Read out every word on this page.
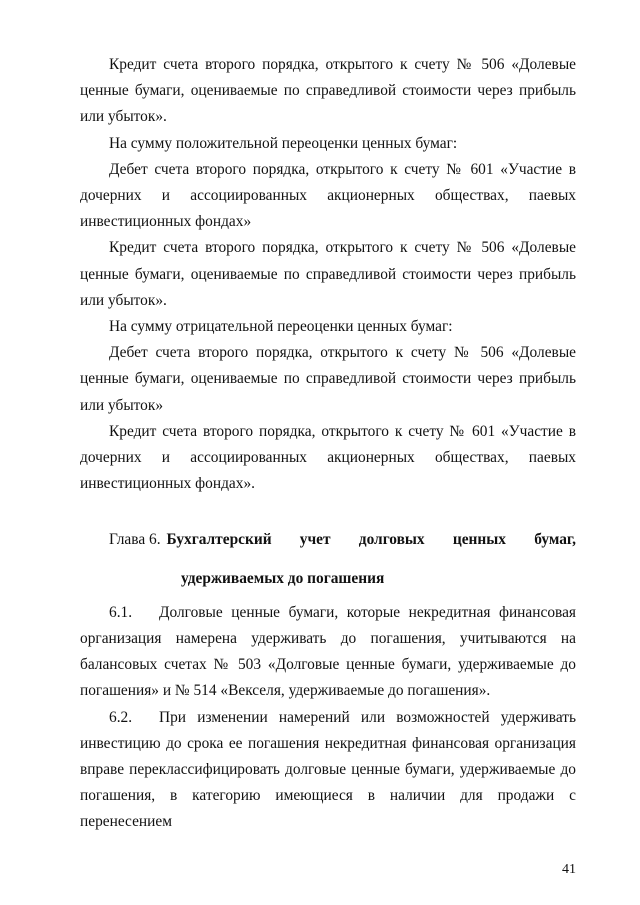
Кредит счета второго порядка, открытого к счету № 506 «Долевые ценные бумаги, оцениваемые по справедливой стоимости через прибыль или убыток».

На сумму положительной переоценки ценных бумаг:

Дебет счета второго порядка, открытого к счету № 601 «Участие в дочерних и ассоциированных акционерных обществах, паевых инвестиционных фондах»

Кредит счета второго порядка, открытого к счету № 506 «Долевые ценные бумаги, оцениваемые по справедливой стоимости через прибыль или убыток».

На сумму отрицательной переоценки ценных бумаг:

Дебет счета второго порядка, открытого к счету № 506 «Долевые ценные бумаги, оцениваемые по справедливой стоимости через прибыль или убыток»

Кредит счета второго порядка, открытого к счету № 601 «Участие в дочерних и ассоциированных акционерных обществах, паевых инвестиционных фондах».

Глава 6. Бухгалтерский учет долговых ценных бумаг,
удерживаемых до погашения

6.1. Долговые ценные бумаги, которые некредитная финансовая организация намерена удерживать до погашения, учитываются на балансовых счетах № 503 «Долговые ценные бумаги, удерживаемые до погашения» и № 514 «Векселя, удерживаемые до погашения».

6.2. При изменении намерений или возможностей удерживать инвестицию до срока ее погашения некредитная финансовая организация вправе переклассифицировать долговые ценные бумаги, удерживаемые до погашения, в категорию имеющиеся в наличии для продажи с перенесением

41
